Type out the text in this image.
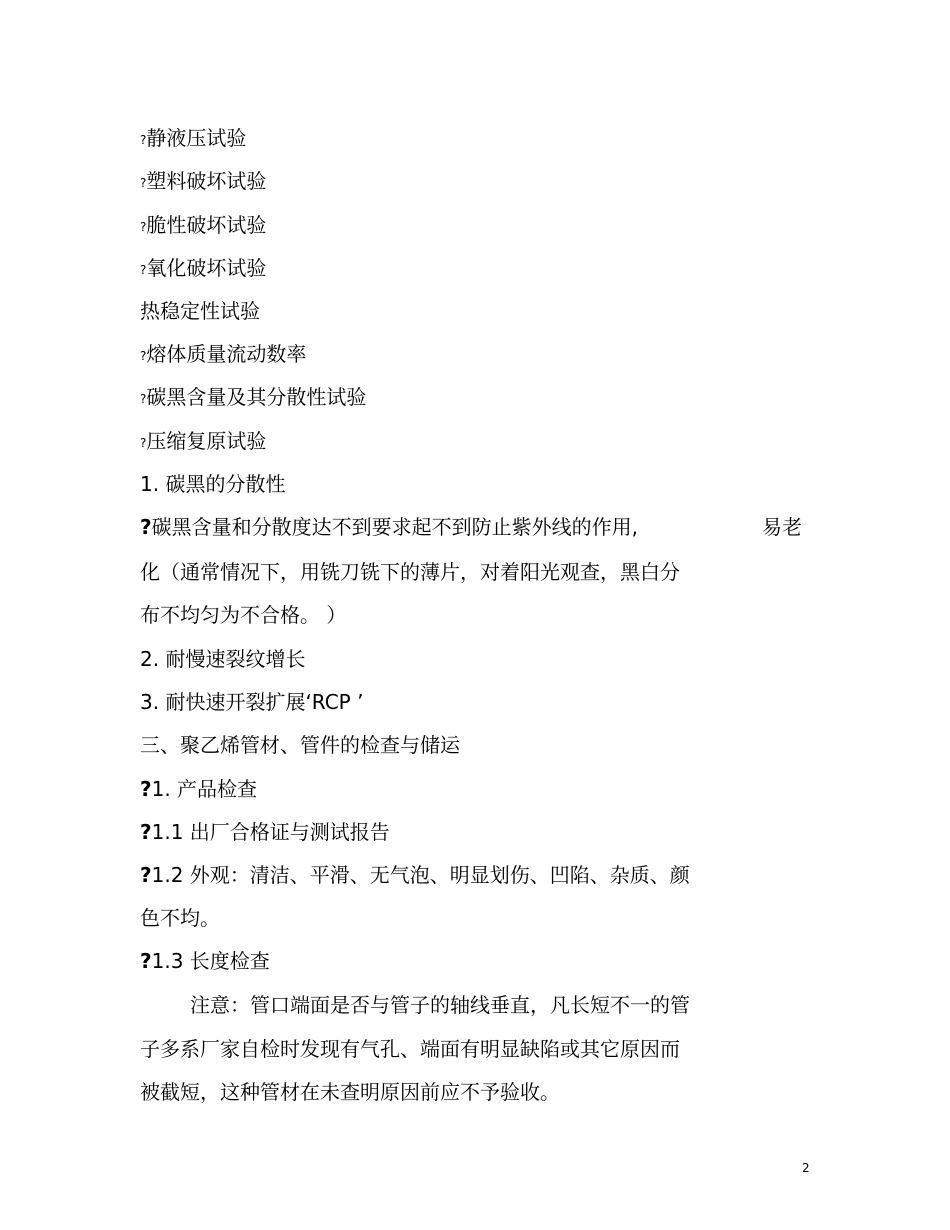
?静液压试验
?塑料破坏试验
?脆性破坏试验
?氧化破坏试验
热稳定性试验
?熔体质量流动数率
?碳黑含量及其分散性试验
?压缩复原试验
1. 碳黑的分散性
?碳黑含量和分散度达不到要求起不到防止紫外线的作用,	易老
化（通常情况下，用铣刀铣下的薄片，对着阳光观查，黑白分
布不均匀为不合格。 ）
2. 耐慢速裂纹增长
3. 耐快速开裂扩展‘RCP ’
三、聚乙烯管材、管件的检查与储运
?1. 产品检查
?1.1 出厂合格证与测试报告
?1.2 外观：清洁、平滑、无气泡、明显划伤、凹陷、杂质、颜
色不均。
?1.3 长度检查
注意：管口端面是否与管子的轴线垂直，凡长短不一的管
子多系厂家自检时发现有气孔、端面有明显缺陷或其它原因而
被截短，这种管材在未查明原因前应不予验收。
2
